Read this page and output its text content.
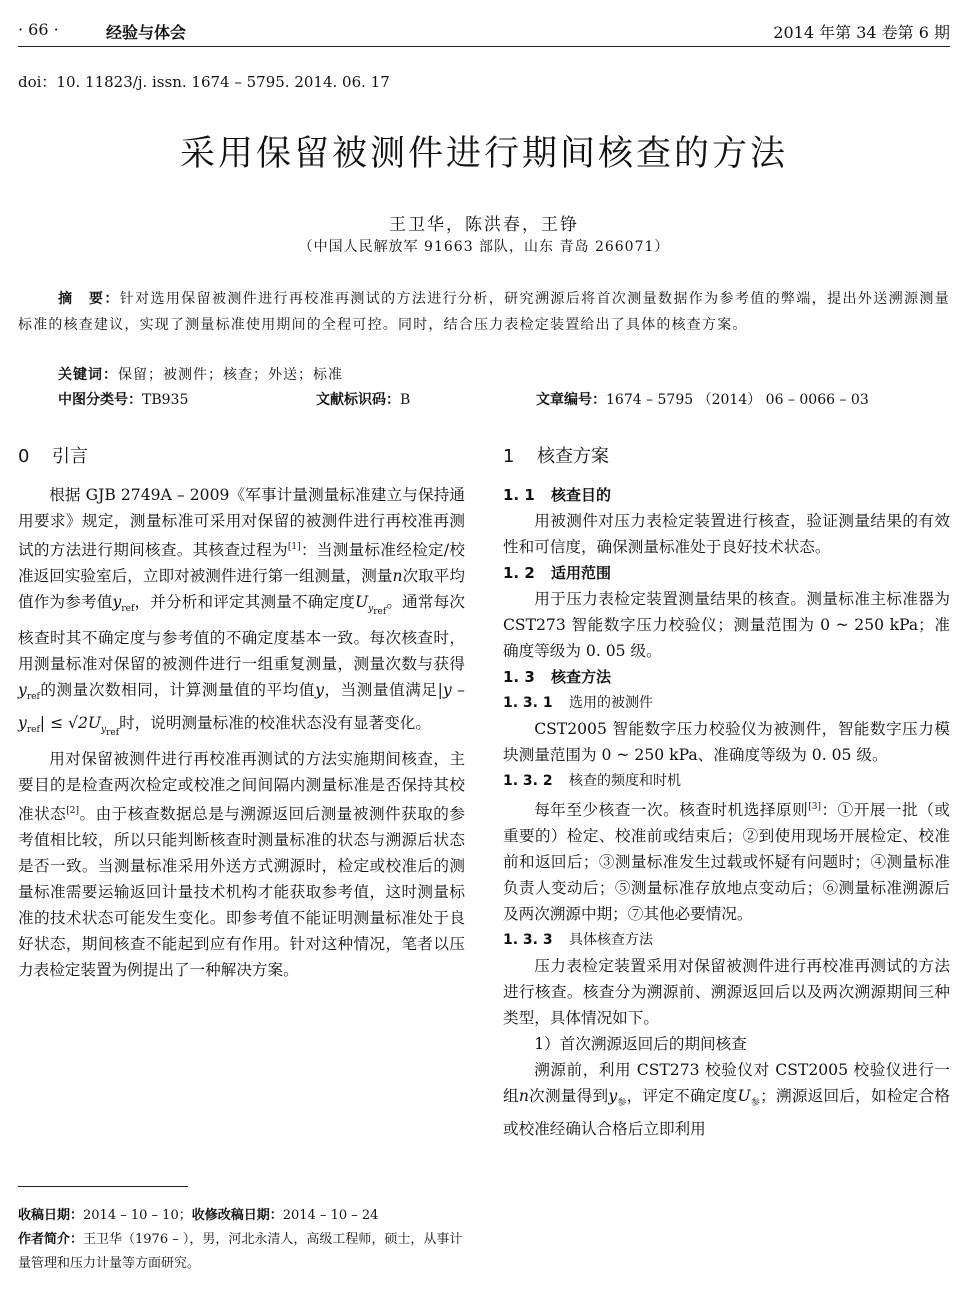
· 66 ·	经验与体会	2014 年第 34 卷第 6 期
doi：10. 11823/j. issn. 1674 – 5795. 2014. 06. 17
采用保留被测件进行期间核查的方法
王卫华，陈洪春，王铮
（中国人民解放军 91663 部队，山东 青岛 266071）
摘　要：针对选用保留被测件进行再校准再测试的方法进行分析，研究溯源后将首次测量数据作为参考值的弊端，提出外送溯源测量标准的核查建议，实现了测量标准使用期间的全程可控。同时，结合压力表检定装置给出了具体的核查方案。
关键词：保留；被测件；核查；外送；标准
中图分类号：TB935	文献标识码：B	文章编号：1674 – 5795 （2014） 06 – 0066 – 03
0 引言

根据 GJB 2749A – 2009《军事计量测量标准建立与保持通用要求》规定，测量标准可采用对保留的被测件进行再校准再测试的方法进行期间核查。其核查过程为[1]：当测量标准经检定/校准返回实验室后，立即对被测件进行第一组测量，测量n次取平均值作为参考值$y_{ref}$，并分析和评定其测量不确定度$U_{y_{ref}}$。通常每次核查时其不确定度与参考值的不确定度基本一致。每次核查时，用测量标准对保留的被测件进行一组重复测量，测量次数与获得$y_{ref}$的测量次数相同，计算测量值的平均值y，当测量值满足$|y - y_{ref}| \le √2U_{y_{ref}}$时，说明测量标准的校准状态没有显著变化。

用对保留被测件进行再校准再测试的方法实施期间核查，主要目的是检查两次检定或校准之间间隔内测量标准是否保持其校准状态[2]。由于核查数据总是与溯源返回后测量被测件获取的参考值相比较，所以只能判断核查时测量标准的状态与溯源后状态是否一致。当测量标准采用外送方式溯源时，检定或校准后的测量标准需要运输返回计量技术机构才能获取参考值，这时测量标准的技术状态可能发生变化。即参考值不能证明测量标准处于良好状态，期间核查不能起到应有作用。针对这种情况，笔者以压力表检定装置为例提出了一种解决方案。

1 核查方案
1. 1 核查目的

用被测件对压力表检定装置进行核查，验证测量结果的有效性和可信度，确保测量标准处于良好技术状态。

1. 2 适用范围

用于压力表检定装置测量结果的核查。测量标准主标准器为 CST273 智能数字压力校验仪；测量范围为 0 ~ 250 kPa；准确度等级为 0. 05 级。

1. 3 核查方法
1. 3. 1 选用的被测件

CST2005 智能数字压力校验仪为被测件，智能数字压力模块测量范围为 0 ~ 250 kPa、准确度等级为 0. 05 级。

1. 3. 2 核查的频度和时机

每年至少核查一次。核查时机选择原则[3]：①开展一批（或重要的）检定、校准前或结束后；②到使用现场开展检定、校准前和返回后；③测量标准发生过载或怀疑有问题时；④测量标准负责人变动后；⑤测量标准存放地点变动后；⑥测量标准溯源后及两次溯源中期；⑦其他必要情况。

1. 3. 3 具体核查方法

压力表检定装置采用对保留被测件进行再校准再测试的方法进行核查。核查分为溯源前、溯源返回后以及两次溯源期间三种类型，具体情况如下。

1）首次溯源返回后的期间核查

溯源前，利用 CST273 校验仪对 CST2005 校验仪进行一组n次测量得到$y_参$，评定不确定度$U_参$；溯源返回后，如检定合格或校准经确认合格后立即利用

收稿日期：2014 – 10 – 10；收修改稿日期：2014 – 10 – 24
作者简介：王卫华（1976 – ），男，河北永清人，高级工程师，硕士，从事计量管理和压力计量等方面研究。
